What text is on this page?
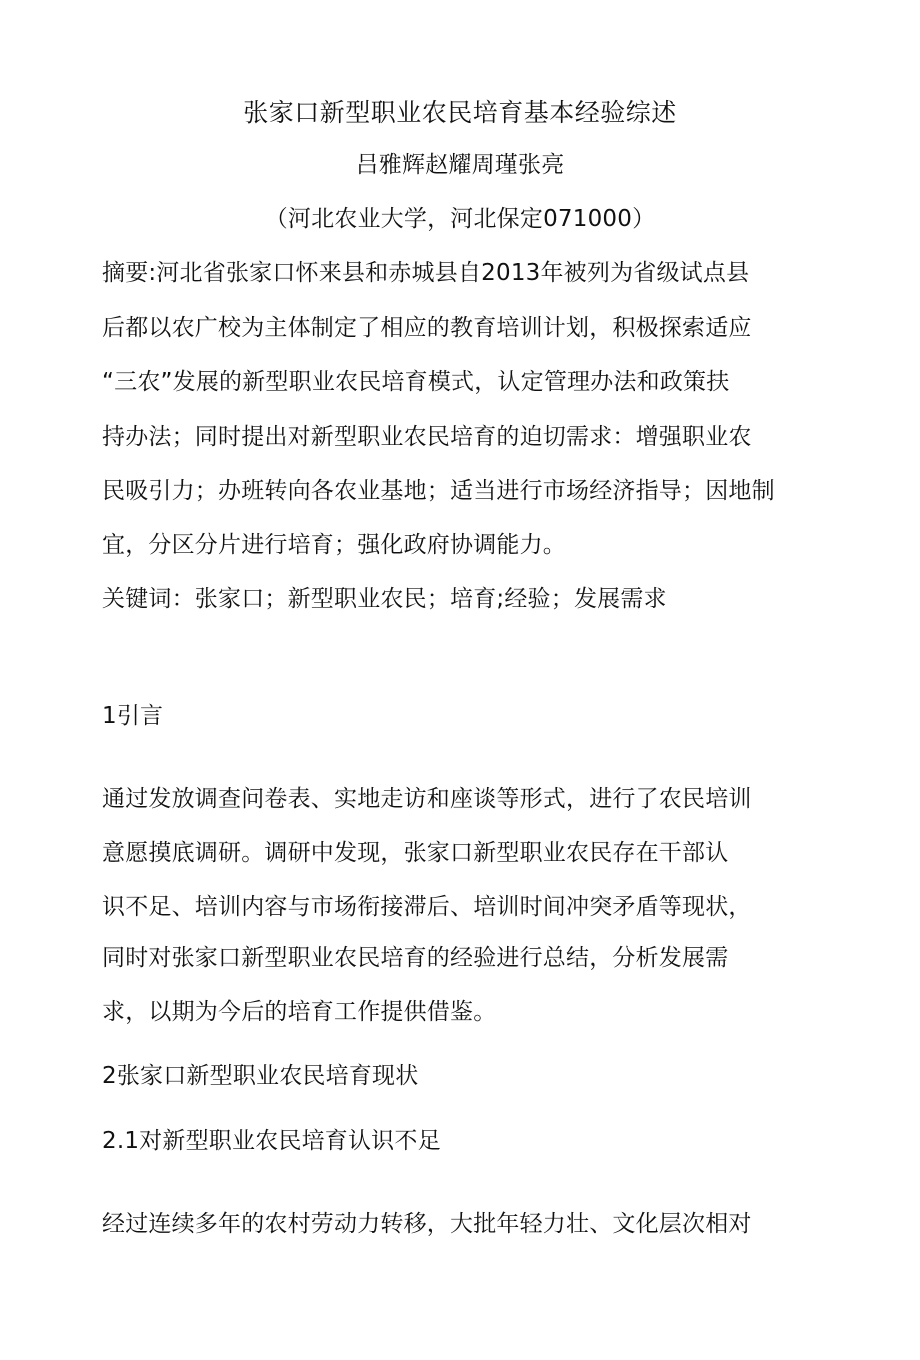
张家口新型职业农民培育基本经验综述
吕雅辉赵耀周瑾张亮
（河北农业大学，河北保定071000）
摘要:河北省张家口怀来县和赤城县自2013年被列为省级试点县
后都以农广校为主体制定了相应的教育培训计划，积极探索适应
“三农”发展的新型职业农民培育模式，认定管理办法和政策扶
持办法；同时提出对新型职业农民培育的迫切需求：增强职业农
民吸引力；办班转向各农业基地；适当进行市场经济指导；因地制
宜，分区分片进行培育；强化政府协调能力。
关键词：张家口；新型职业农民；培育;经验；发展需求
1引言
通过发放调查问卷表、实地走访和座谈等形式，进行了农民培训
意愿摸底调研。调研中发现，张家口新型职业农民存在干部认
识不足、培训内容与市场衔接滞后、培训时间冲突矛盾等现状，
同时对张家口新型职业农民培育的经验进行总结，分析发展需
求，以期为今后的培育工作提供借鉴。
2张家口新型职业农民培育现状
2.1对新型职业农民培育认识不足
经过连续多年的农村劳动力转移，大批年轻力壮、文化层次相对
